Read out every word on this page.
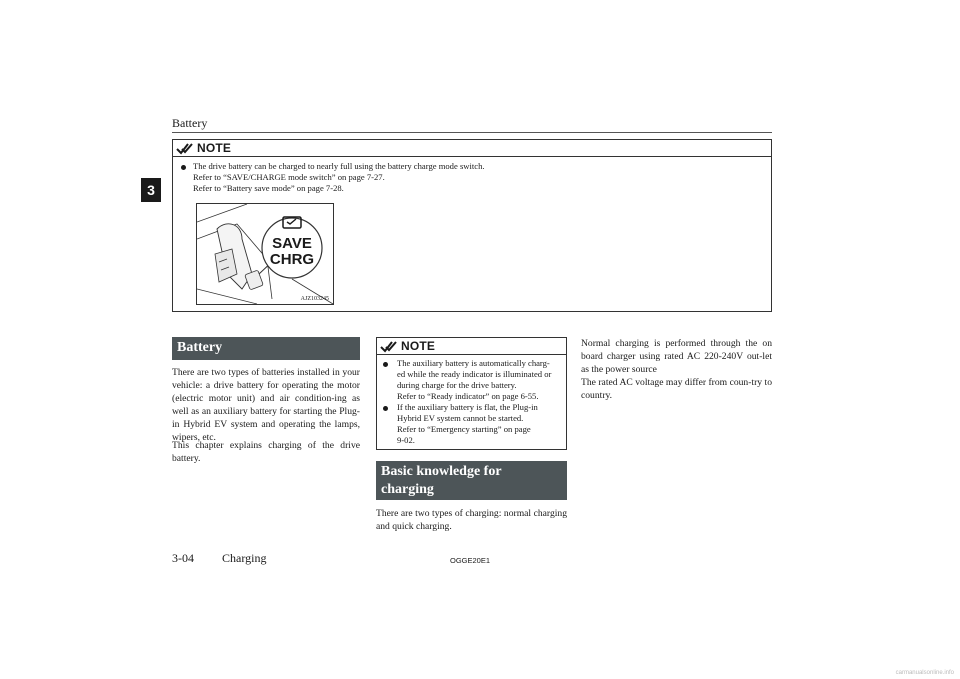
Battery
3
NOTE
The drive battery can be charged to nearly full using the battery charge mode switch.
Refer to “SAVE/CHARGE mode switch” on page 7-27.
Refer to “Battery save mode” on page 7-28.
SAVE
CHRG
AJZ103245
Battery
There are two types of batteries installed in your vehicle: a drive battery for operating the motor (electric motor unit) and air condition-ing as well as an auxiliary battery for starting the Plug-in Hybrid EV system and operating the lamps, wipers, etc.
This chapter explains charging of the drive battery.
NOTE
The auxiliary battery is automatically charg-
ed while the ready indicator is illuminated or
during charge for the drive battery.
Refer to “Ready indicator” on page 6-55.
If the auxiliary battery is flat, the Plug-in
Hybrid EV system cannot be started.
Refer to “Emergency starting” on page
9-02.
Basic knowledge for
charging
There are two types of charging: normal charging and quick charging.
Normal charging is performed through the on board charger using rated AC 220-240V out-let as the power source
The rated AC voltage may differ from coun-try to country.
3-04 Charging	OGGE20E1
carmanualsonline.info
